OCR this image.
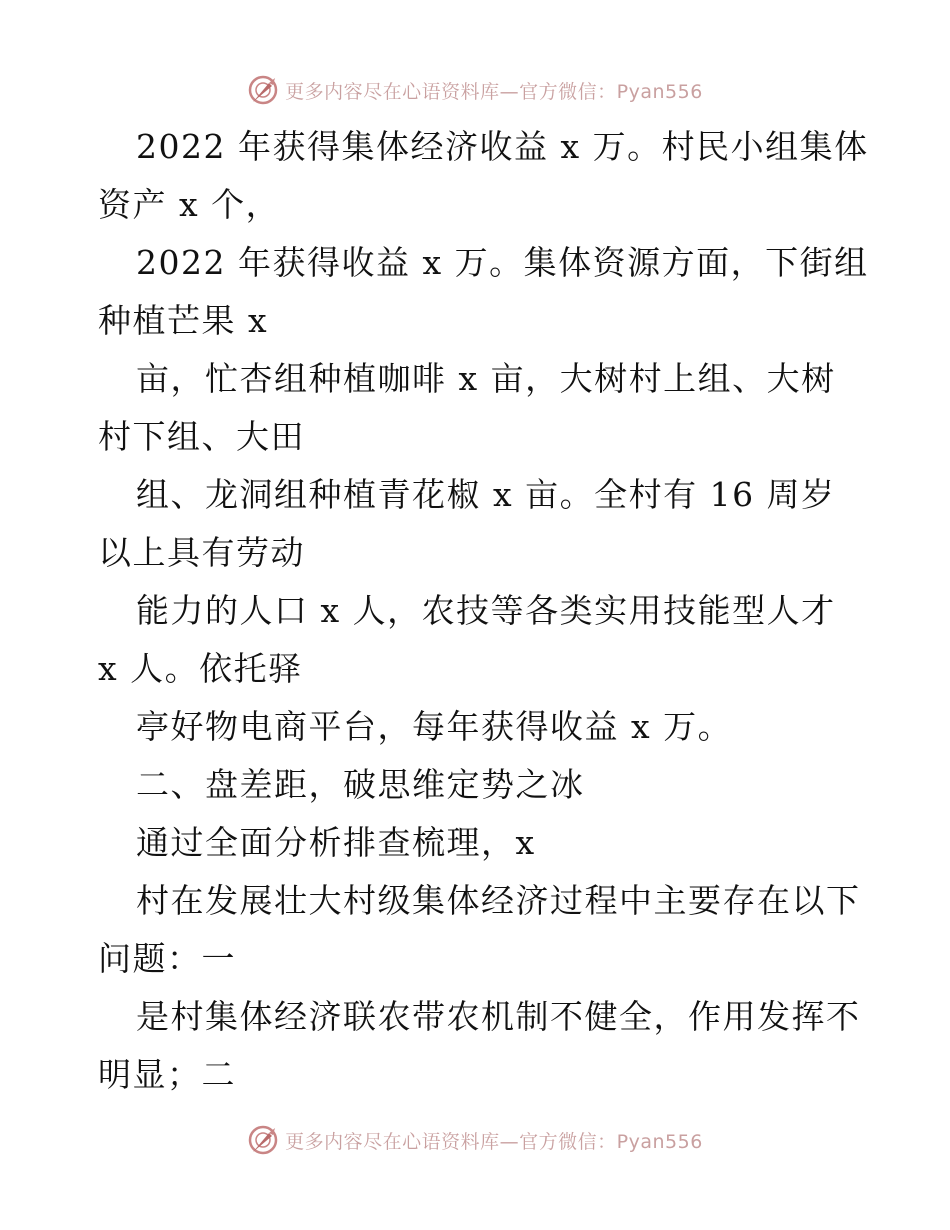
更多内容尽在心语资料库—官方微信：Pyan556
2022 年获得集体经济收益 x 万。村民小组集体
资产 x 个，
2022 年获得收益 x 万。集体资源方面，下街组
种植芒果 x
亩，忙杏组种植咖啡 x 亩，大树村上组、大树
村下组、大田
组、龙洞组种植青花椒 x 亩。全村有 16 周岁
以上具有劳动
能力的人口 x 人，农技等各类实用技能型人才
x 人。依托驿
亭好物电商平台，每年获得收益 x 万。
二、盘差距，破思维定势之冰
通过全面分析排查梳理，x
村在发展壮大村级集体经济过程中主要存在以下
问题：一
是村集体经济联农带农机制不健全，作用发挥不
明显；二
更多内容尽在心语资料库—官方微信：Pyan556
